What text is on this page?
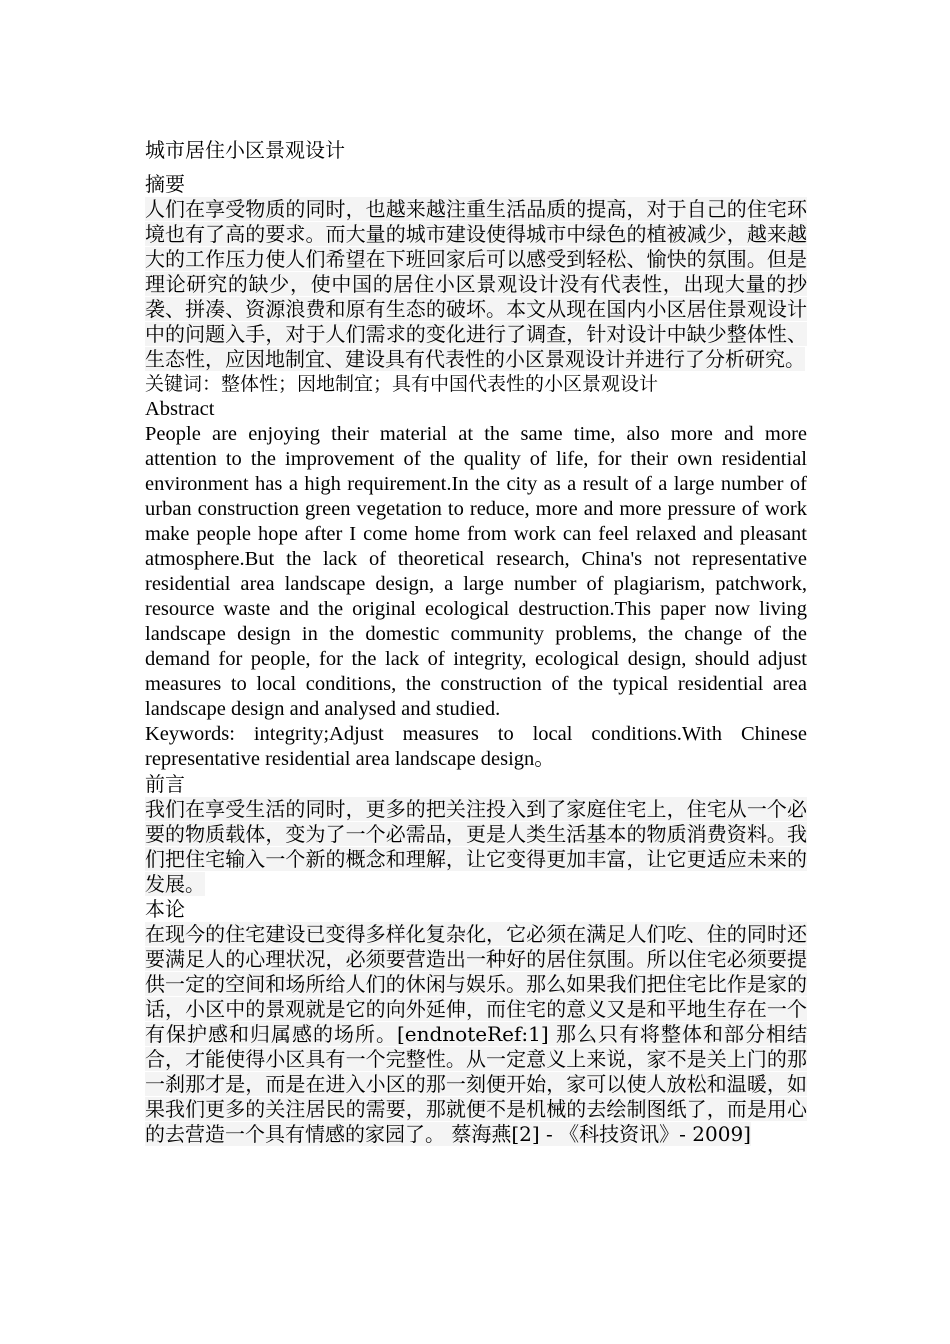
城市居住小区景观设计

摘要

人们在享受物质的同时，也越来越注重生活品质的提高，对于自己的住宅环境也有了高的要求。而大量的城市建设使得城市中绿色的植被减少，越来越大的工作压力使人们希望在下班回家后可以感受到轻松、愉快的氛围。但是理论研究的缺少，使中国的居住小区景观设计没有代表性，出现大量的抄袭、拼凑、资源浪费和原有生态的破坏。本文从现在国内小区居住景观设计中的问题入手，对于人们需求的变化进行了调查，针对设计中缺少整体性、生态性，应因地制宜、建设具有代表性的小区景观设计并进行了分析研究。

关键词：整体性；因地制宜；具有中国代表性的小区景观设计

Abstract

People are enjoying their material at the same time, also more and more attention to the improvement of the quality of life, for their own residential environment has a high requirement.In the city as a result of a large number of urban construction green vegetation to reduce, more and more pressure of work make people hope after I come home from work can feel relaxed and pleasant atmosphere.But the lack of theoretical research, China's not representative residential area landscape design, a large number of plagiarism, patchwork, resource waste and the original ecological destruction.This paper now living landscape design in the domestic community problems, the change of the demand for people, for the lack of integrity, ecological design, should adjust measures to local conditions, the construction of the typical residential area landscape design and analysed and studied.

Keywords: integrity;Adjust measures to local conditions.With Chinese representative residential area landscape design。

前言

我们在享受生活的同时，更多的把关注投入到了家庭住宅上，住宅从一个必要的物质载体，变为了一个必需品，更是人类生活基本的物质消费资料。我们把住宅输入一个新的概念和理解，让它变得更加丰富，让它更适应未来的发展。

本论

在现今的住宅建设已变得多样化复杂化，它必须在满足人们吃、住的同时还要满足人的心理状况，必须要营造出一种好的居住氛围。所以住宅必须要提供一定的空间和场所给人们的休闲与娱乐。那么如果我们把住宅比作是家的话，小区中的景观就是它的向外延伸，而住宅的意义又是和平地生存在一个有保护感和归属感的场所。[endnoteRef:1] 那么只有将整体和部分相结合，才能使得小区具有一个完整性。从一定意义上来说，家不是关上门的那一刹那才是，而是在进入小区的那一刻便开始，家可以使人放松和温暖，如果我们更多的关注居民的需要，那就便不是机械的去绘制图纸了，而是用心的去营造一个具有情感的家园了。 蔡海燕[2] - 《科技资讯》- 2009]
